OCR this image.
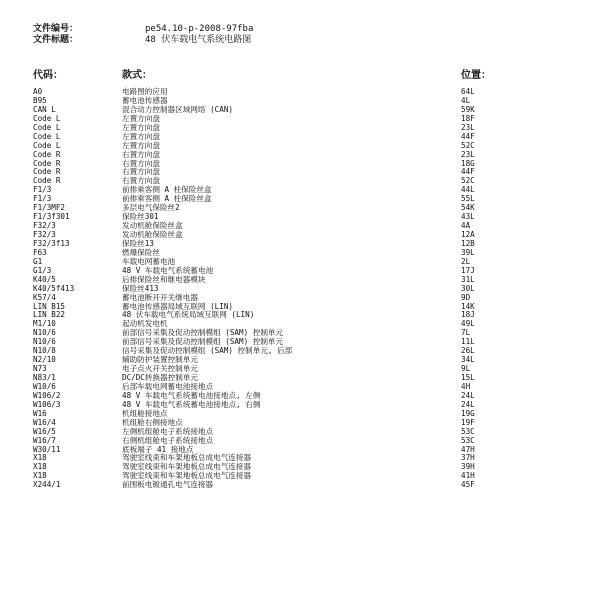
文件编号：	pe54.10-p-2008-97fba
文件标题：	48 伏车载电气系统电路图
代码：	款式：	位置：
A0	电路图的应用	64L
B95	蓄电池传感器	4L
CAN L	混合动力控制器区域网络 (CAN)	59K
Code L	左置方向盘	18F
Code L	左置方向盘	23L
Code L	左置方向盘	44F
Code L	左置方向盘	52C
Code R	右置方向盘	23L
Code R	右置方向盘	18G
Code R	右置方向盘	44F
Code R	右置方向盘	52C
F1/3	前排乘客侧 A 柱保险丝盒	44L
F1/3	前排乘客侧 A 柱保险丝盒	55L
F1/3MF2	多层电气保险丝2	54K
F1/3f301	保险丝301	43L
F32/3	发动机舱保险丝盒	4A
F32/3	发动机舱保险丝盒	12A
F32/3f13	保险丝13	12B
F63	燃爆保险丝	39L
G1	车载电网蓄电池	2L
G1/3	48 V 车载电气系统蓄电池	17J
K40/5	后排保险丝和继电器模块	31L
K40/5f413	保险丝413	30L
K57/4	蓄电池断开开关继电器	9D
LIN B15	蓄电池传感器局域互联网 (LIN)	14K
LIN B22	48 伏车载电气系统局域互联网 (LIN)	18J
M1/10	起动机发电机	49L
N10/6	前部信号采集及促动控制模组 (SAM) 控制单元	7L
N10/6	前部信号采集及促动控制模组 (SAM) 控制单元	11L
N10/8	信号采集及促动控制模组 (SAM) 控制单元, 后部	26L
N2/10	辅助防护装置控制单元	34L
N73	电子点火开关控制单元	9L
N83/1	DC/DC转换器控制单元	15L
W10/6	后部车载电网蓄电池接地点	4H
W106/2	48 V 车载电气系统蓄电池接地点, 左侧	24L
W106/3	48 V 车载电气系统蓄电池接地点, 右侧	24L
W16	机组舱接地点	19G
W16/4	机组舱右侧接地点	19F
W16/5	左侧机组舱电子系统接地点	53C
W16/7	右侧机组舱电子系统接地点	53C
W30/11	底板端子 41 接地点	47H
X18	驾驶室线束和车架地板总成电气连接器	37H
X18	驾驶室线束和车架地板总成电气连接器	39H
X18	驾驶室线束和车架地板总成电气连接器	41H
X244/1	前围板电镀通孔电气连接器	45F
